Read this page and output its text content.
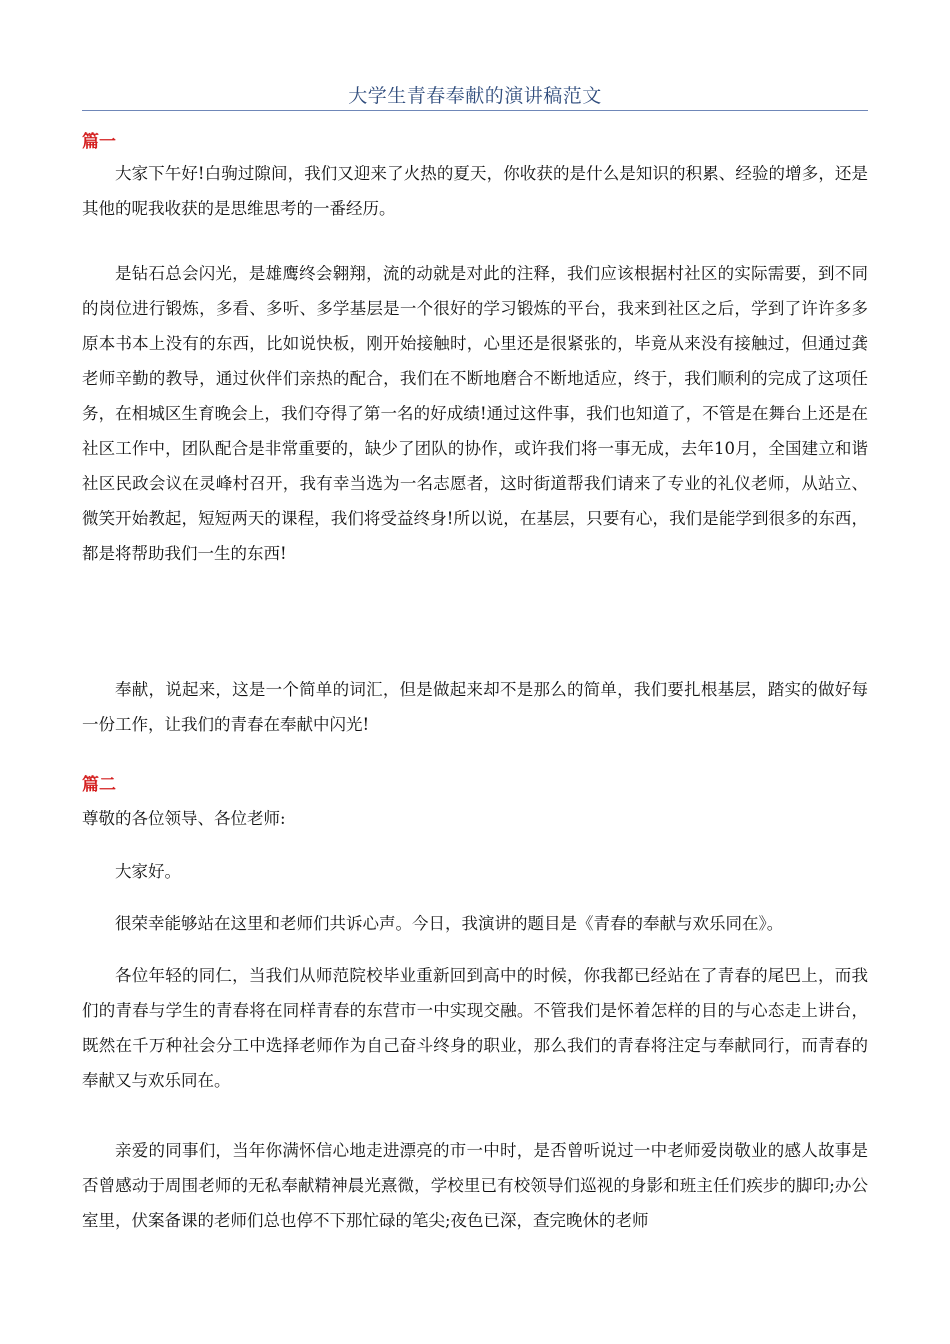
大学生青春奉献的演讲稿范文
篇一

大家下午好!白驹过隙间，我们又迎来了火热的夏天，你收获的是什么是知识的积累、经验的增多，还是其他的呢我收获的是思维思考的一番经历。

是钻石总会闪光，是雄鹰终会翱翔，流的动就是对此的注释，我们应该根据村社区的实际需要，到不同的岗位进行锻炼，多看、多听、多学基层是一个很好的学习锻炼的平台，我来到社区之后，学到了许许多多原本书本上没有的东西，比如说快板，刚开始接触时，心里还是很紧张的，毕竟从来没有接触过，但通过龚老师辛勤的教导，通过伙伴们亲热的配合，我们在不断地磨合不断地适应，终于，我们顺利的完成了这项任务，在相城区生育晚会上，我们夺得了第一名的好成绩!通过这件事，我们也知道了，不管是在舞台上还是在社区工作中，团队配合是非常重要的，缺少了团队的协作，或许我们将一事无成，去年10月，全国建立和谐社区民政会议在灵峰村召开，我有幸当选为一名志愿者，这时街道帮我们请来了专业的礼仪老师，从站立、微笑开始教起，短短两天的课程，我们将受益终身!所以说，在基层，只要有心，我们是能学到很多的东西，都是将帮助我们一生的东西!

奉献，说起来，这是一个简单的词汇，但是做起来却不是那么的简单，我们要扎根基层，踏实的做好每一份工作，让我们的青春在奉献中闪光!

篇二

尊敬的各位领导、各位老师:

大家好。

很荣幸能够站在这里和老师们共诉心声。今日，我演讲的题目是《青春的奉献与欢乐同在》。

各位年轻的同仁，当我们从师范院校毕业重新回到高中的时候，你我都已经站在了青春的尾巴上，而我们的青春与学生的青春将在同样青春的东营市一中实现交融。不管我们是怀着怎样的目的与心态走上讲台，既然在千万种社会分工中选择老师作为自己奋斗终身的职业，那么我们的青春将注定与奉献同行，而青春的奉献又与欢乐同在。

亲爱的同事们，当年你满怀信心地走进漂亮的市一中时，是否曾听说过一中老师爱岗敬业的感人故事是否曾感动于周围老师的无私奉献精神晨光熹微，学校里已有校领导们巡视的身影和班主任们疾步的脚印;办公室里，伏案备课的老师们总也停不下那忙碌的笔尖;夜色已深，查完晚休的老师
